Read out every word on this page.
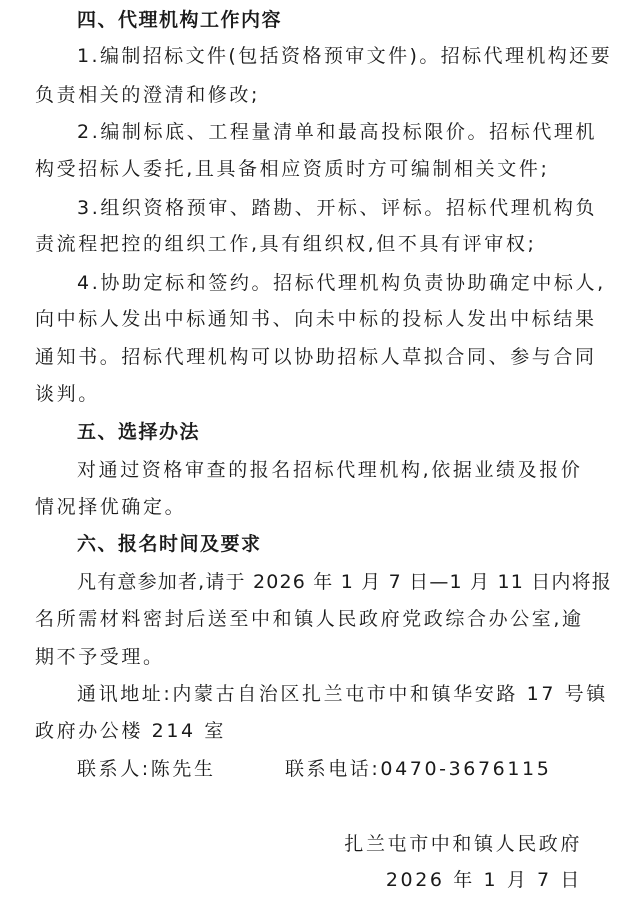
四、代理机构工作内容
1.编制招标文件(包括资格预审文件)。招标代理机构还要
负责相关的澄清和修改;
2.编制标底、工程量清单和最高投标限价。招标代理机
构受招标人委托,且具备相应资质时方可编制相关文件;
3.组织资格预审、踏勘、开标、评标。招标代理机构负
责流程把控的组织工作,具有组织权,但不具有评审权;
4.协助定标和签约。招标代理机构负责协助确定中标人,
向中标人发出中标通知书、向未中标的投标人发出中标结果
通知书。招标代理机构可以协助招标人草拟合同、参与合同
谈判。
五、选择办法
对通过资格审查的报名招标代理机构,依据业绩及报价
情况择优确定。
六、报名时间及要求
凡有意参加者,请于 2026 年 1 月 7 日—1 月 11 日内将报
名所需材料密封后送至中和镇人民政府党政综合办公室,逾
期不予受理。
通讯地址:内蒙古自治区扎兰屯市中和镇华安路 17 号镇
政府办公楼 214 室
联系人:陈先生	联系电话:0470-3676115
扎兰屯市中和镇人民政府
2026 年 1 月 7 日
